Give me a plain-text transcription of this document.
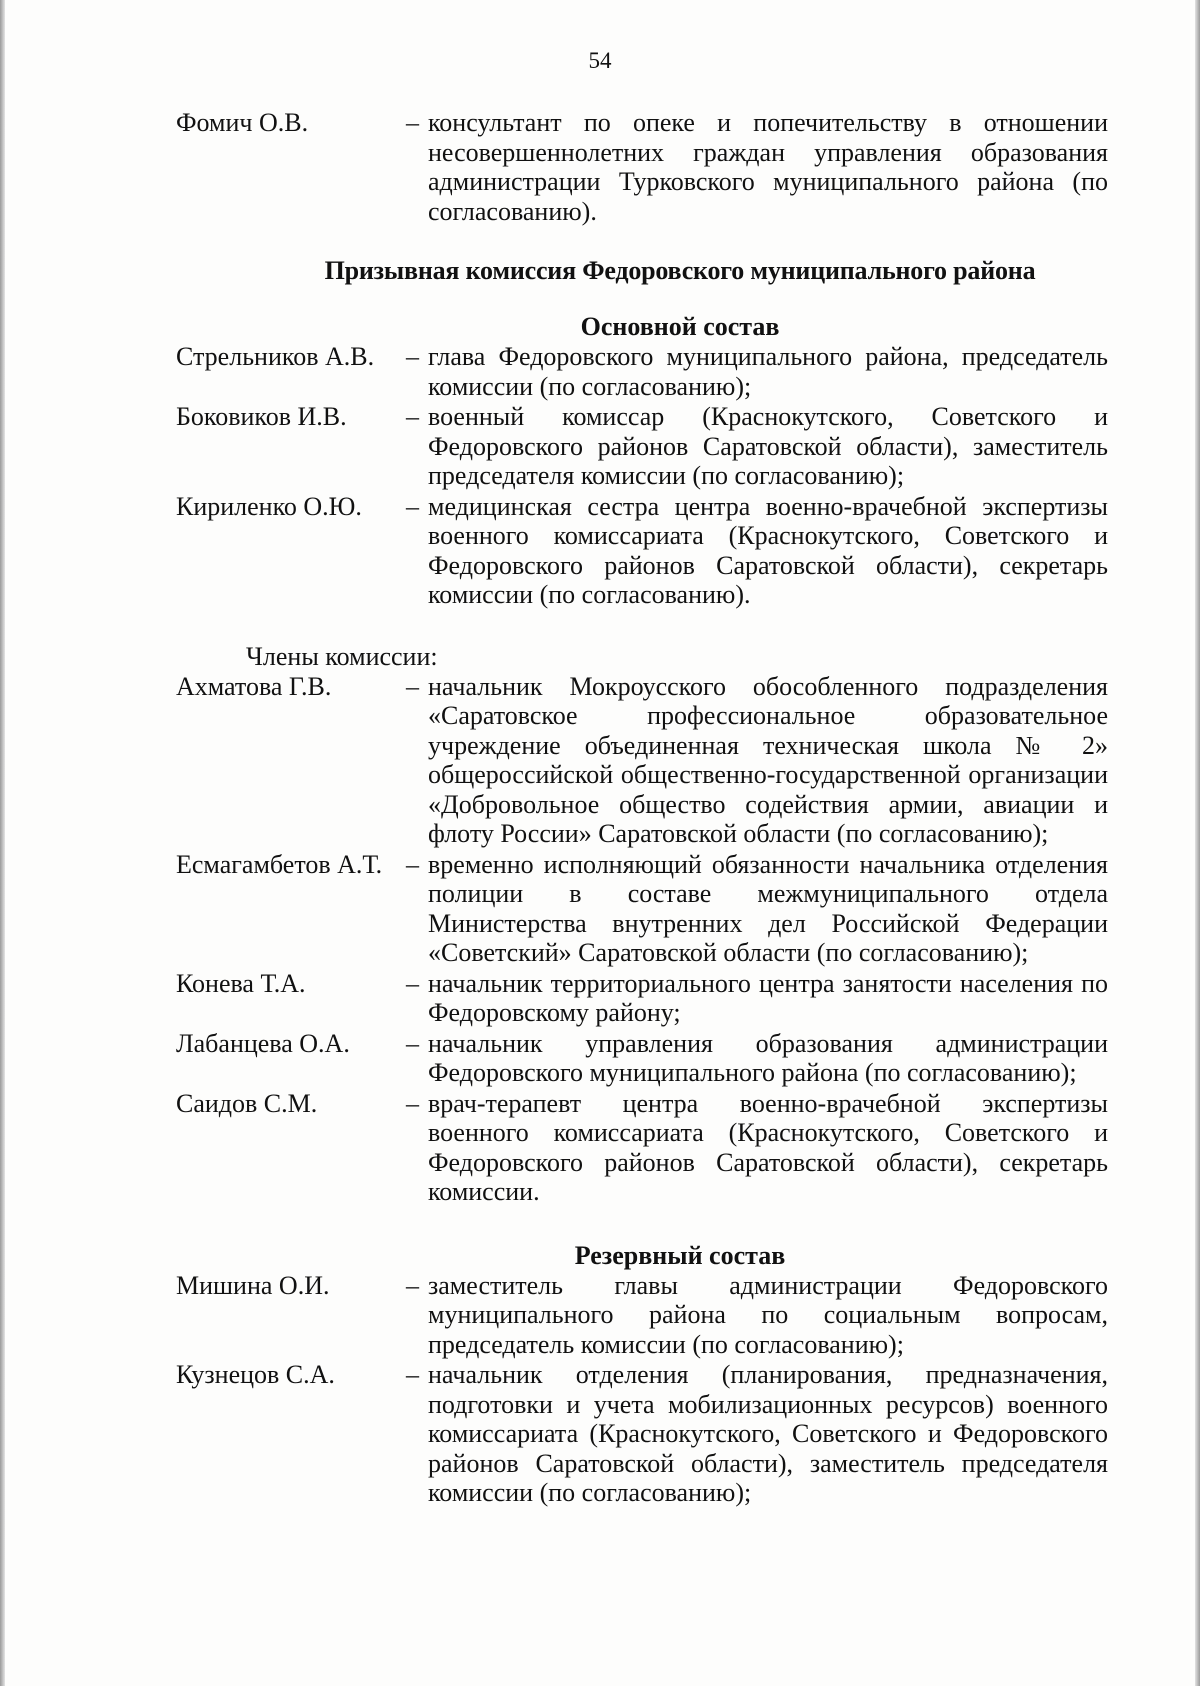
54
Фомич О.В.	– консультант по опеке и попечительству в отношении несовершеннолетних граждан управления образования администрации Турковского муниципального района (по согласованию).
Призывная комиссия Федоровского муниципального района
Основной состав
Стрельников А.В.	– глава Федоровского муниципального района, председатель комиссии (по согласованию);
Боковиков И.В.	– военный комиссар (Краснокутского, Советского и Федоровского районов Саратовской области), заместитель председателя комиссии (по согласованию);
Кириленко О.Ю.	– медицинская сестра центра военно-врачебной экспертизы военного комиссариата (Краснокутского, Советского и Федоровского районов Саратовской области), секретарь комиссии (по согласованию).
Члены комиссии:
Ахматова Г.В.	– начальник Мокроусского обособленного подразделения «Саратовское профессиональное образовательное учреждение объединенная техническая школа № 2» общероссийской общественно-государственной организации «Добровольное общество содействия армии, авиации и флоту России» Саратовской области (по согласованию);
Есмагамбетов А.Т. – временно исполняющий обязанности начальника отделения полиции в составе межмуниципального отдела Министерства внутренних дел Российской Федерации «Советский» Саратовской области (по согласованию);
Конева Т.А.	– начальник территориального центра занятости населения по Федоровскому району;
Лабанцева О.А.	– начальник управления образования администрации Федоровского муниципального района (по согласованию);
Саидов С.М.	– врач-терапевт центра военно-врачебной экспертизы военного комиссариата (Краснокутского, Советского и Федоровского районов Саратовской области), секретарь комиссии.
Резервный состав
Мишина О.И.	– заместитель главы администрации Федоровского муниципального района по социальным вопросам, председатель комиссии (по согласованию);
Кузнецов С.А.	– начальник отделения (планирования, предназначения, подготовки и учета мобилизационных ресурсов) военного комиссариата (Краснокутского, Советского и Федоровского районов Саратовской области), заместитель председателя комиссии (по согласованию);
